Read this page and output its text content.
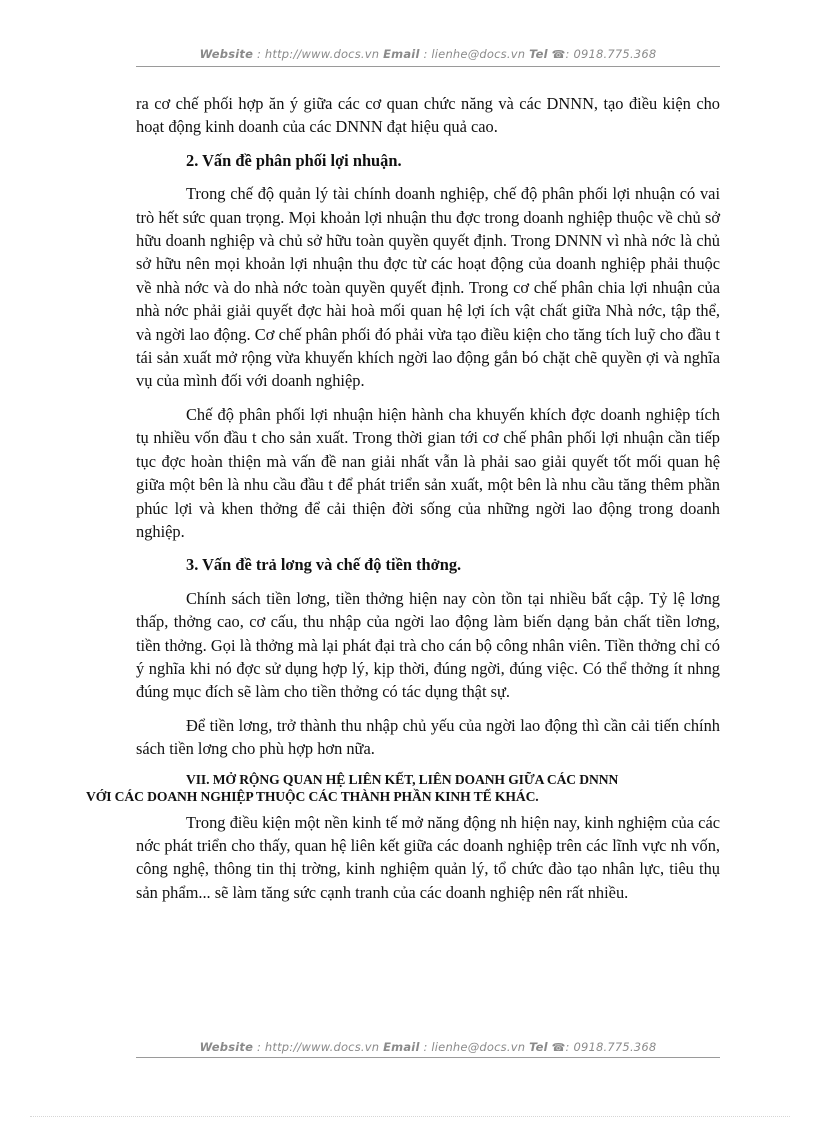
Website : http://www.docs.vn Email : lienhe@docs.vn Tel ☎: 0918.775.368

ra cơ chế phối hợp ăn ý giữa các cơ quan chức năng và các DNNN, tạo điều kiện cho hoạt động kinh doanh của các DNNN đạt hiệu quả cao.

2. Vấn đề phân phối lợi nhuận.

Trong chế độ quản lý tài chính doanh nghiệp, chế độ phân phối lợi nhuận có vai trò hết sức quan trọng. Mọi khoản lợi nhuận thu đợc trong doanh nghiệp thuộc về chủ sở hữu doanh nghiệp và chủ sở hữu toàn quyền quyết định. Trong DNNN vì nhà nớc là chủ sở hữu nên mọi khoản lợi nhuận thu đợc từ các hoạt động của doanh nghiệp phải thuộc về nhà nớc và do nhà nớc toàn quyền quyết định. Trong cơ chế phân chia lợi nhuận của nhà nớc phải giải quyết đợc hài hoà mối quan hệ lợi ích vật chất giữa Nhà nớc, tập thể, và ngời lao động. Cơ chế phân phối đó phải vừa tạo điều kiện cho tăng tích luỹ cho đầu t tái sản xuất mở rộng vừa khuyến khích ngời lao động gắn bó chặt chẽ quyền ợi và nghĩa vụ của mình đối với doanh nghiệp.

Chế độ phân phối lợi nhuận hiện hành cha khuyến khích đợc doanh nghiệp tích tụ nhiều vốn đầu t cho sản xuất. Trong thời gian tới cơ chế phân phối lợi nhuận cần tiếp tục đợc hoàn thiện mà vấn đề nan giải nhất vẫn là phải sao giải quyết tốt mối quan hệ giữa một bên là nhu cầu đầu t để phát triển sản xuất, một bên là nhu cầu tăng thêm phần phúc lợi và khen thởng để cải thiện đời sống của những ngời lao động trong doanh nghiệp.

3. Vấn đề trả lơng và chế độ tiền thởng.

Chính sách tiền lơng, tiền thởng hiện nay còn tồn tại nhiều bất cập. Tỷ lệ lơng thấp, thởng cao, cơ cấu, thu nhập của ngời lao động làm biến dạng bản chất tiền lơng, tiền thởng. Gọi là thởng mà lại phát đại trà cho cán bộ công nhân viên. Tiền thởng chỉ có ý nghĩa khi nó đợc sử dụng hợp lý, kịp thời, đúng ngời, đúng việc. Có thể thởng ít nhng đúng mục đích sẽ làm cho tiền thởng có tác dụng thật sự.

Để tiền lơng, trở thành thu nhập chủ yếu của ngời lao động thì cần cải tiến chính sách tiền lơng cho phù hợp hơn nữa.

VII. MỞ RỘNG QUAN HỆ LIÊN KẾT, LIÊN DOANH GIỮA CÁC DNNN
VỚI CÁC DOANH NGHIỆP THUỘC CÁC THÀNH PHẦN KINH TẾ KHÁC.

Trong điều kiện một nền kinh tế mở năng động nh hiện nay, kinh nghiệm của các nớc phát triển cho thấy, quan hệ liên kết giữa các doanh nghiệp trên các lĩnh vực nh vốn, công nghệ, thông tin thị trờng, kinh nghiệm quản lý, tổ chức đào tạo nhân lực, tiêu thụ sản phẩm... sẽ làm tăng sức cạnh tranh của các doanh nghiệp nên rất nhiều.

Website : http://www.docs.vn Email : lienhe@docs.vn Tel ☎: 0918.775.368
